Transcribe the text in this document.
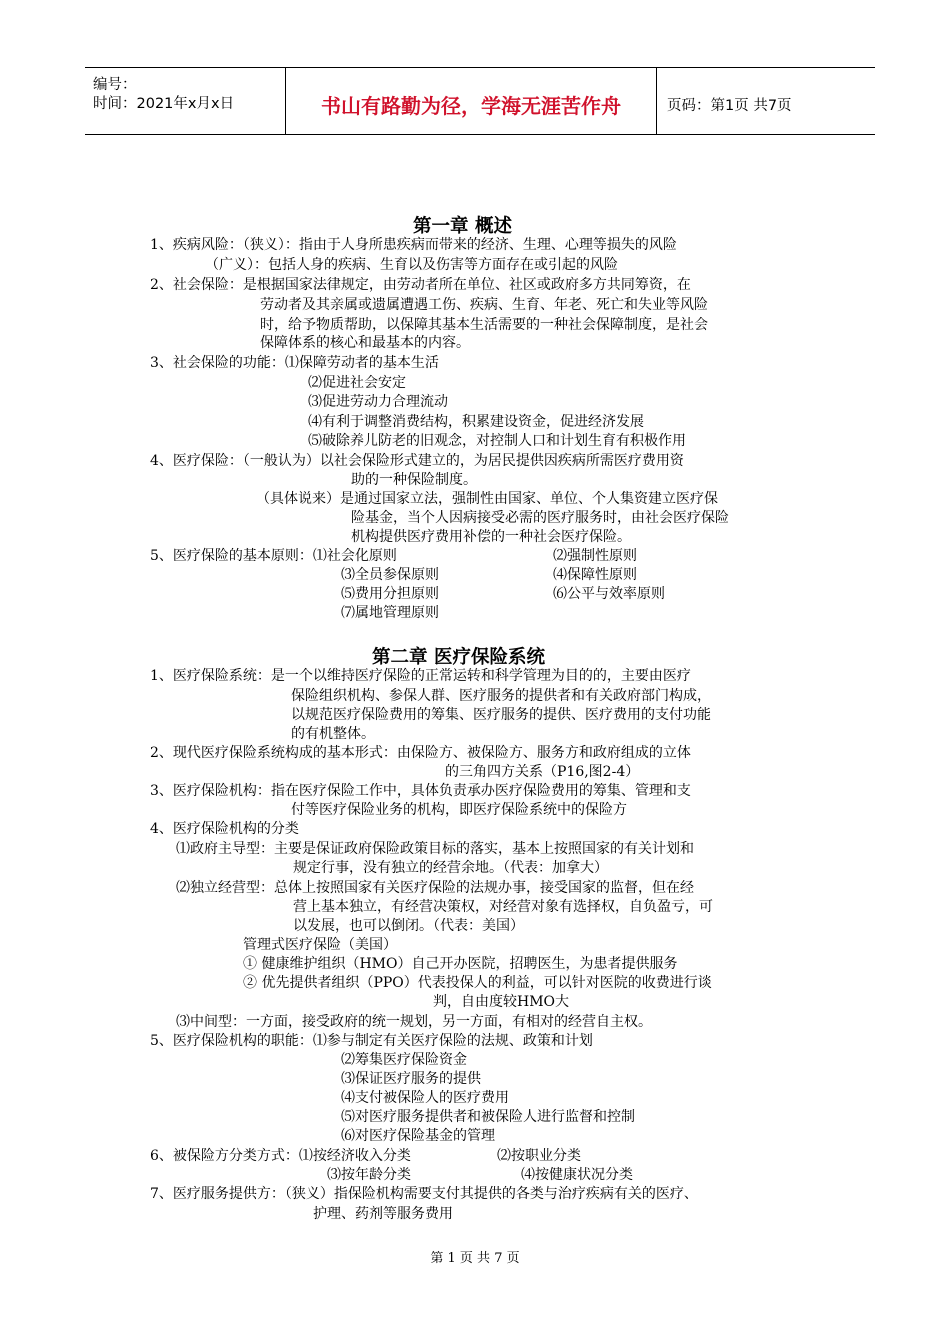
编号：
时间：2021年x月x日	书山有路勤为径，学海无涯苦作舟	页码：第1页 共7页
第一章 概述
1、疾病风险：（狭义）：指由于人身所患疾病而带来的经济、生理、心理等损失的风险
（广义）：包括人身的疾病、生育以及伤害等方面存在或引起的风险
2、社会保险：是根据国家法律规定，由劳动者所在单位、社区或政府多方共同筹资，在
劳动者及其亲属或遗属遭遇工伤、疾病、生育、年老、死亡和失业等风险
时，给予物质帮助，以保障其基本生活需要的一种社会保障制度，是社会
保障体系的核心和最基本的内容。
3、社会保险的功能：⑴保障劳动者的基本生活
⑵促进社会安定
⑶促进劳动力合理流动
⑷有利于调整消费结构，积累建设资金，促进经济发展
⑸破除养儿防老的旧观念，对控制人口和计划生育有积极作用
4、医疗保险：（一般认为）以社会保险形式建立的，为居民提供因疾病所需医疗费用资
助的一种保险制度。
（具体说来）是通过国家立法，强制性由国家、单位、个人集资建立医疗保
险基金，当个人因病接受必需的医疗服务时，由社会医疗保险
机构提供医疗费用补偿的一种社会医疗保险。
5、医疗保险的基本原则：⑴社会化原则	⑵强制性原则
⑶全员参保原则	⑷保障性原则
⑸费用分担原则	⑹公平与效率原则
⑺属地管理原则
第二章 医疗保险系统
1、医疗保险系统：是一个以维持医疗保险的正常运转和科学管理为目的的，主要由医疗
保险组织机构、参保人群、医疗服务的提供者和有关政府部门构成，
以规范医疗保险费用的筹集、医疗服务的提供、医疗费用的支付功能
的有机整体。
2、现代医疗保险系统构成的基本形式：由保险方、被保险方、服务方和政府组成的立体
的三角四方关系（P16,图2-4）
3、医疗保险机构：指在医疗保险工作中，具体负责承办医疗保险费用的筹集、管理和支
付等医疗保险业务的机构，即医疗保险系统中的保险方
4、医疗保险机构的分类
⑴政府主导型：主要是保证政府保险政策目标的落实，基本上按照国家的有关计划和
规定行事，没有独立的经营余地。（代表：加拿大）
⑵独立经营型：总体上按照国家有关医疗保险的法规办事，接受国家的监督，但在经
营上基本独立，有经营决策权，对经营对象有选择权，自负盈亏，可
以发展，也可以倒闭。（代表：美国）
管理式医疗保险（美国）
① 健康维护组织（HMO）自己开办医院，招聘医生，为患者提供服务
② 优先提供者组织（PPO）代表投保人的利益，可以针对医院的收费进行谈
判，自由度较HMO大
⑶中间型：一方面，接受政府的统一规划，另一方面，有相对的经营自主权。
5、医疗保险机构的职能：⑴参与制定有关医疗保险的法规、政策和计划
⑵筹集医疗保险资金
⑶保证医疗服务的提供
⑷支付被保险人的医疗费用
⑸对医疗服务提供者和被保险人进行监督和控制
⑹对医疗保险基金的管理
6、被保险方分类方式：⑴按经济收入分类	⑵按职业分类
⑶按年龄分类	⑷按健康状况分类
7、医疗服务提供方：（狭义）指保险机构需要支付其提供的各类与治疗疾病有关的医疗、
护理、药剂等服务费用
第 1 页 共 7 页
